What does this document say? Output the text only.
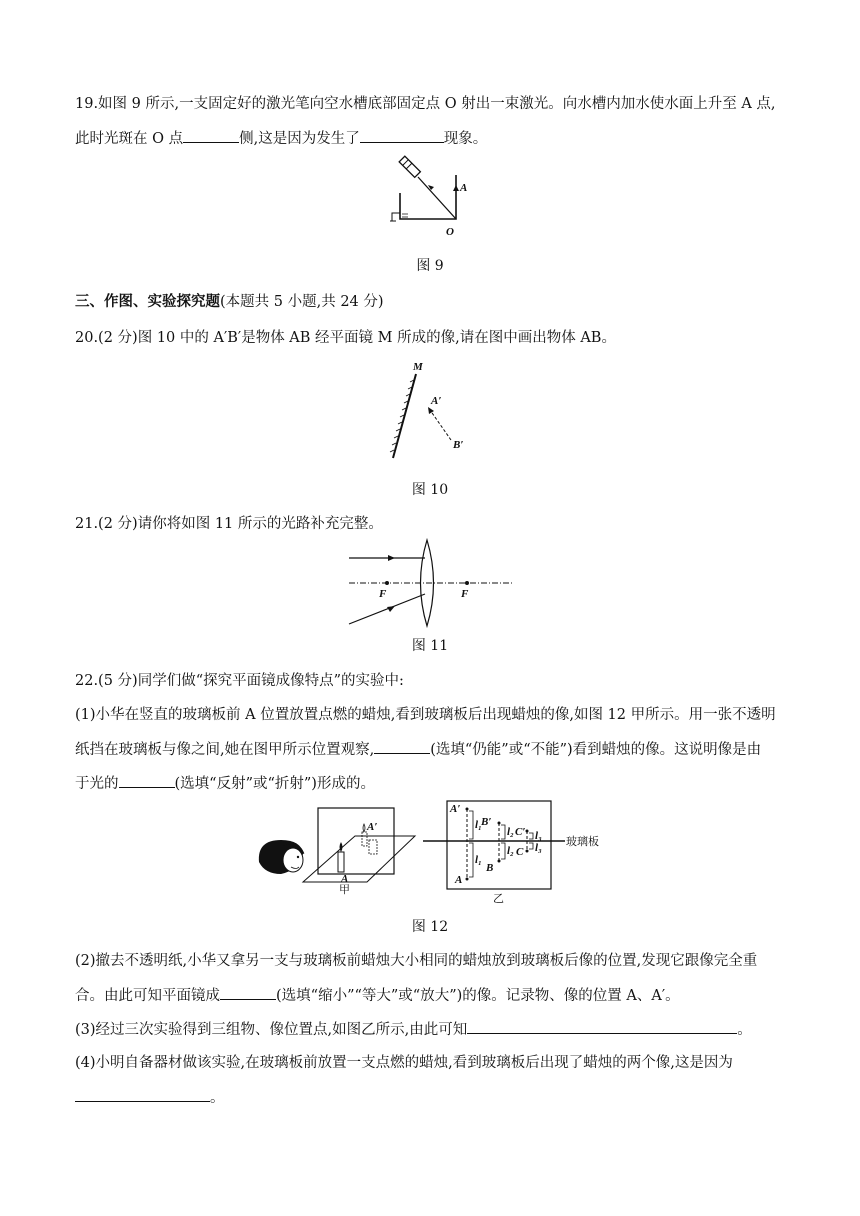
19.如图 9 所示,一支固定好的激光笔向空水槽底部固定点 O 射出一束激光。向水槽内加水使水面上升至 A 点,
此时光斑在 O 点	侧,这是因为发生了	现象。
A
O
图 9
三、作图、实验探究题(本题共 5 小题,共 24 分)
20.(2 分)图 10 中的 A′B′是物体 AB 经平面镜 M 所成的像,请在图中画出物体 AB。
M
A′
B′
图 10
21.(2 分)请你将如图 11 所示的光路补充完整。
F	F
图 11
22.(5 分)同学们做“探究平面镜成像特点”的实验中:
(1)小华在竖直的玻璃板前 A 位置放置点燃的蜡烛,看到玻璃板后出现蜡烛的像,如图 12 甲所示。用一张不透明
纸挡在玻璃板与像之间,她在图甲所示位置观察,	(选填“仍能”或“不能”)看到蜡烛的像。这说明像是由
于光的	(选填“反射”或“折射”)形成的。
A
A′
甲
A′
A
B′
B
C′
C
l₁
l₁
l₂
l₂
l₃
l₃ 玻璃板
乙
图 12
(2)撤去不透明纸,小华又拿另一支与玻璃板前蜡烛大小相同的蜡烛放到玻璃板后像的位置,发现它跟像完全重
合。由此可知平面镜成	(选填“缩小”“等大”或“放大”)的像。记录物、像的位置 A、A′。
(3)经过三次实验得到三组物、像位置点,如图乙所示,由此可知	。
(4)小明自备器材做该实验,在玻璃板前放置一支点燃的蜡烛,看到玻璃板后出现了蜡烛的两个像,这是因为
。
